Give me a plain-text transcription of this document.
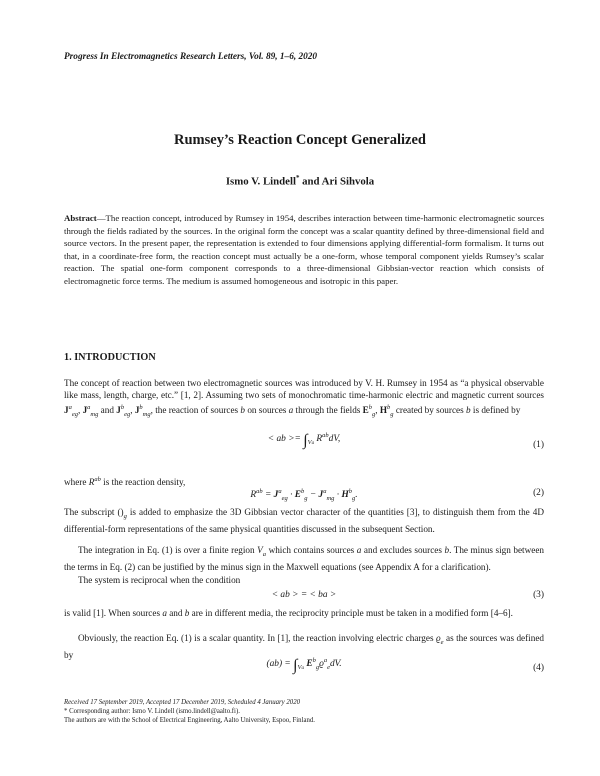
Progress In Electromagnetics Research Letters, Vol. 89, 1–6, 2020
Rumsey’s Reaction Concept Generalized
Ismo V. Lindell* and Ari Sihvola
Abstract—The reaction concept, introduced by Rumsey in 1954, describes interaction between time-harmonic electromagnetic sources through the fields radiated by the sources. In the original form the concept was a scalar quantity defined by three-dimensional field and source vectors. In the present paper, the representation is extended to four dimensions applying differential-form formalism. It turns out that, in a coordinate-free form, the reaction concept must actually be a one-form, whose temporal component yields Rumsey’s scalar reaction. The spatial one-form component corresponds to a three-dimensional Gibbsian-vector reaction which consists of electromagnetic force terms. The medium is assumed homogeneous and isotropic in this paper.
1. INTRODUCTION
The concept of reaction between two electromagnetic sources was introduced by V. H. Rumsey in 1954 as “a physical observable like mass, length, charge, etc.” [1, 2]. Assuming two sets of monochromatic time-harmonic electric and magnetic current sources $J^a_{eg}$, $J^a_{mg}$ and $J^b_{eg}$, $J^b_{mg}$, the reaction of sources b on sources a through the fields $E^b_g$, $H^b_g$ created by sources b is defined by
< ab >= $\int_{Va}$ $R^{ab}dV$,
(1)
where $R^{ab}$ is the reaction density,
$R^{ab} = J^a_{eg} \cdot E^b_g - J^a_{mg} \cdot H^b_g$.	(2)
The subscript $()_g$ is added to emphasize the 3D Gibbsian vector character of the quantities [3], to distinguish them from the 4D differential-form representations of the same physical quantities discussed in the subsequent Section.
The integration in Eq. (1) is over a finite region $V_a$ which contains sources a and excludes sources b. The minus sign between the terms in Eq. (2) can be justified by the minus sign in the Maxwell equations (see Appendix A for a clarification).
The system is reciprocal when the condition
< ab > = < ba >	(3)
is valid [1]. When sources a and b are in different media, the reciprocity principle must be taken in a modified form [4–6].
Obviously, the reaction Eq. (1) is a scalar quantity. In [1], the reaction involving electric charges $ϱ_e$ as the sources was defined by
$(ab) = \int_{Va}$ $E^b_gϱ^a_edV$.	(4)
Received 17 September 2019, Accepted 17 December 2019, Scheduled 4 January 2020
* Corresponding author: Ismo V. Lindell (ismo.lindell@aalto.fi).
The authors are with the School of Electrical Engineering, Aalto University, Espoo, Finland.
